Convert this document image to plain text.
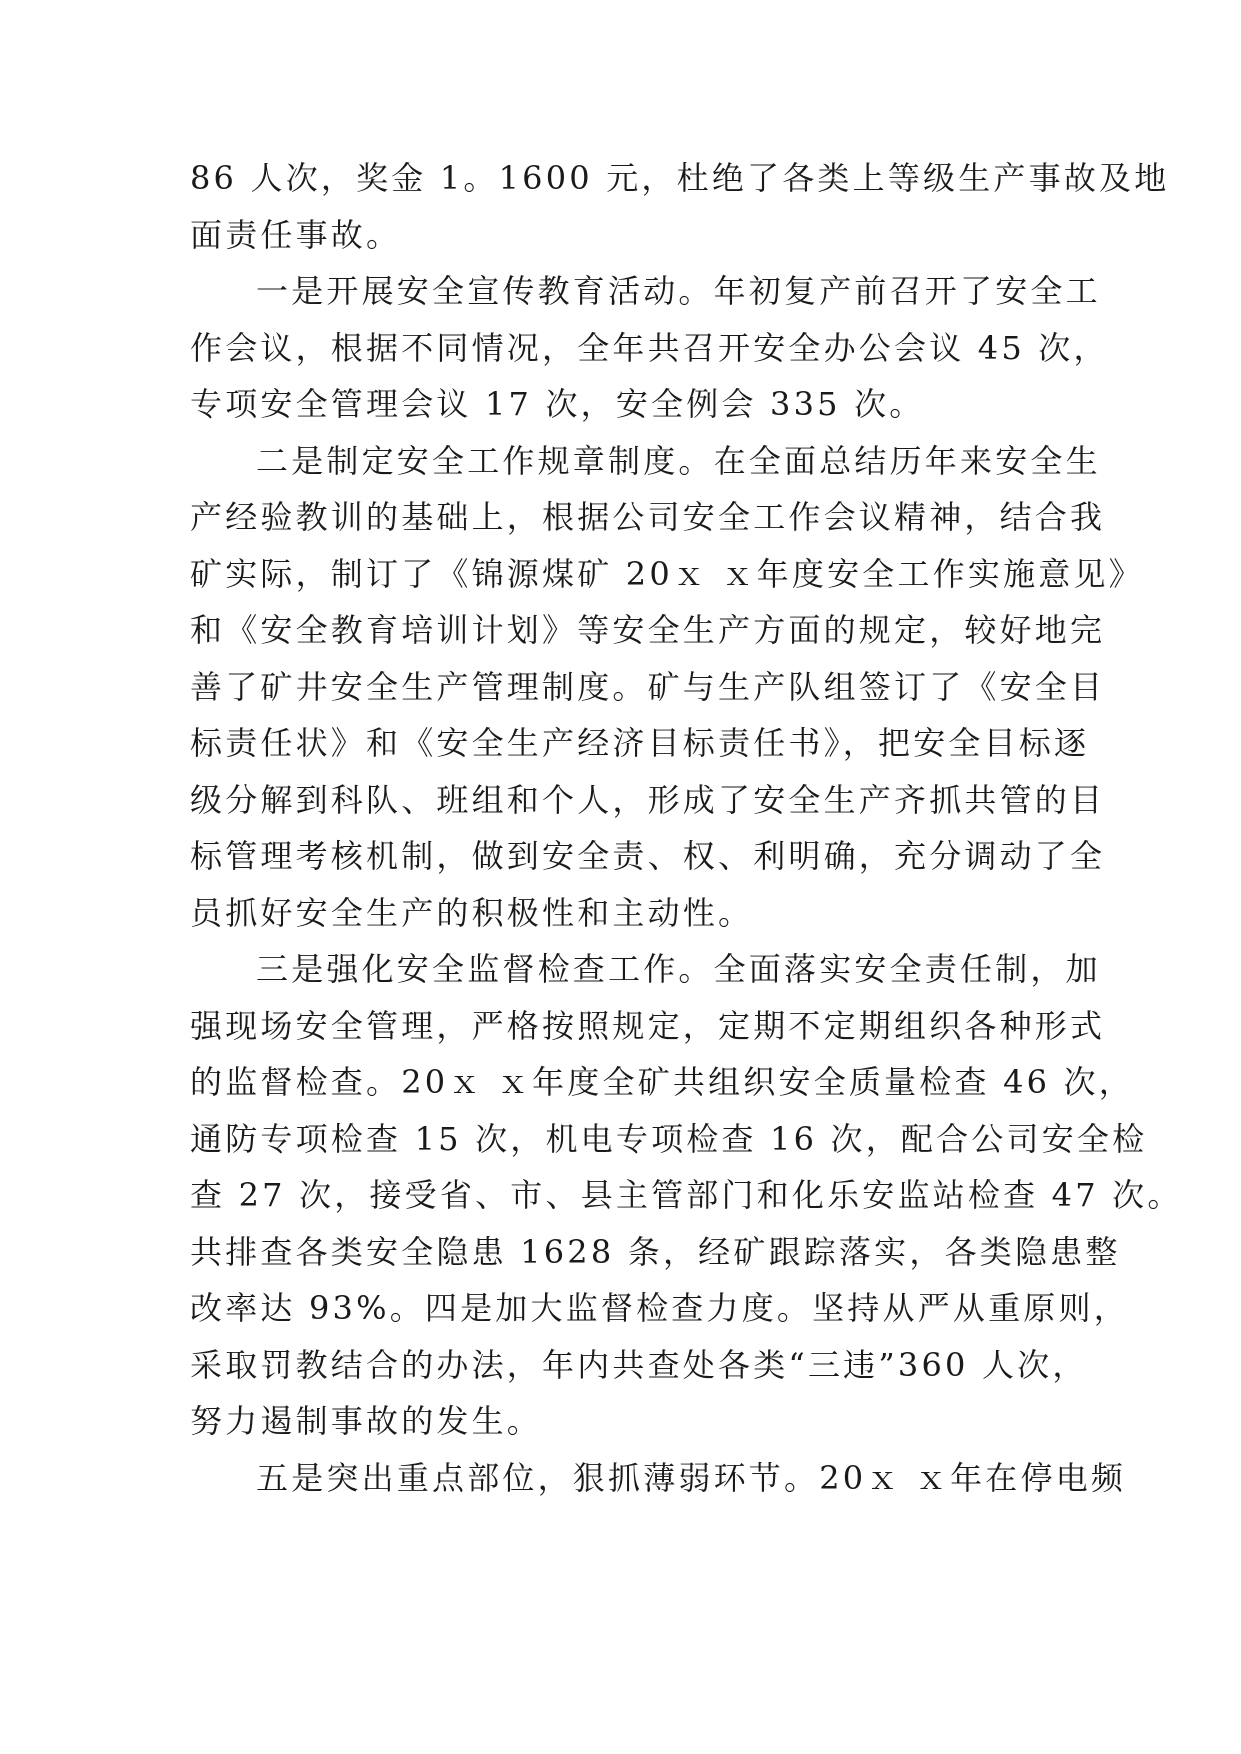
86 人次，奖金 1。1600 元，杜绝了各类上等级生产事故及地
面责任事故。
一是开展安全宣传教育活动。年初复产前召开了安全工
作会议，根据不同情况，全年共召开安全办公会议 45 次，
专项安全管理会议 17 次，安全例会 335 次。
二是制定安全工作规章制度。在全面总结历年来安全生
产经验教训的基础上，根据公司安全工作会议精神，结合我
矿实际，制订了《锦源煤矿 20ｘ ｘ年度安全工作实施意见》
和《安全教育培训计划》等安全生产方面的规定，较好地完
善了矿井安全生产管理制度。矿与生产队组签订了《安全目
标责任状》和《安全生产经济目标责任书》，把安全目标逐
级分解到科队、班组和个人，形成了安全生产齐抓共管的目
标管理考核机制，做到安全责、权、利明确，充分调动了全
员抓好安全生产的积极性和主动性。
三是强化安全监督检查工作。全面落实安全责任制，加
强现场安全管理，严格按照规定，定期不定期组织各种形式
的监督检查。20ｘ ｘ年度全矿共组织安全质量检查 46 次，
通防专项检查 15 次，机电专项检查 16 次，配合公司安全检
查 27 次，接受省、市、县主管部门和化乐安监站检查 47 次。
共排查各类安全隐患 1628 条，经矿跟踪落实，各类隐患整
改率达 93%。四是加大监督检查力度。坚持从严从重原则，
采取罚教结合的办法，年内共查处各类“三违”360 人次，
努力遏制事故的发生。
五是突出重点部位，狠抓薄弱环节。20ｘ ｘ年在停电频
